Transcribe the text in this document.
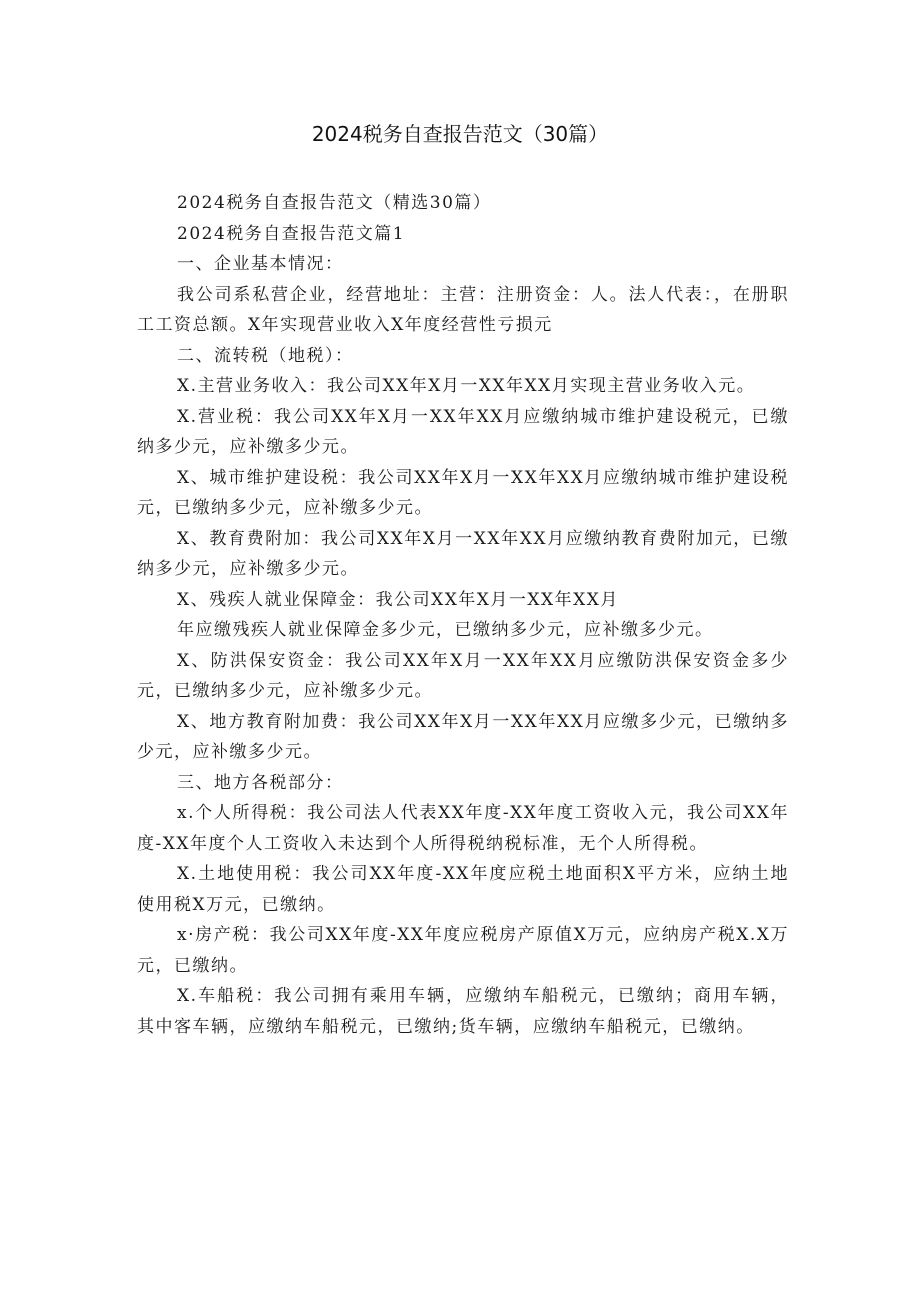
2024税务自查报告范文（30篇）

2024税务自查报告范文（精选30篇）

2024税务自查报告范文篇1

一、企业基本情况：

我公司系私营企业，经营地址：主营：注册资金：人。法人代表：，在册职工工资总额。X年实现营业收入X年度经营性亏损元

二、流转税（地税）：

X.主营业务收入：我公司XX年X月一XX年XX月实现主营业务收入元。

X.营业税：我公司XX年X月一XX年XX月应缴纳城市维护建设税元，已缴纳多少元，应补缴多少元。

X、城市维护建设税：我公司XX年X月一XX年XX月应缴纳城市维护建设税元，已缴纳多少元，应补缴多少元。

X、教育费附加：我公司XX年X月一XX年XX月应缴纳教育费附加元，已缴纳多少元，应补缴多少元。

X、残疾人就业保障金：我公司XX年X月一XX年XX月

年应缴残疾人就业保障金多少元，已缴纳多少元，应补缴多少元。

X、防洪保安资金：我公司XX年X月一XX年XX月应缴防洪保安资金多少元，已缴纳多少元，应补缴多少元。

X、地方教育附加费：我公司XX年X月一XX年XX月应缴多少元，已缴纳多少元，应补缴多少元。

三、地方各税部分：

x.个人所得税：我公司法人代表XX年度-XX年度工资收入元，我公司XX年度-XX年度个人工资收入未达到个人所得税纳税标准，无个人所得税。

X.土地使用税：我公司XX年度-XX年度应税土地面积X平方米，应纳土地使用税X万元，已缴纳。

x·房产税：我公司XX年度-XX年度应税房产原值X万元，应纳房产税X.X万元，已缴纳。

X.车船税：我公司拥有乘用车辆，应缴纳车船税元，已缴纳；商用车辆，其中客车辆，应缴纳车船税元，已缴纳;货车辆，应缴纳车船税元，已缴纳。
